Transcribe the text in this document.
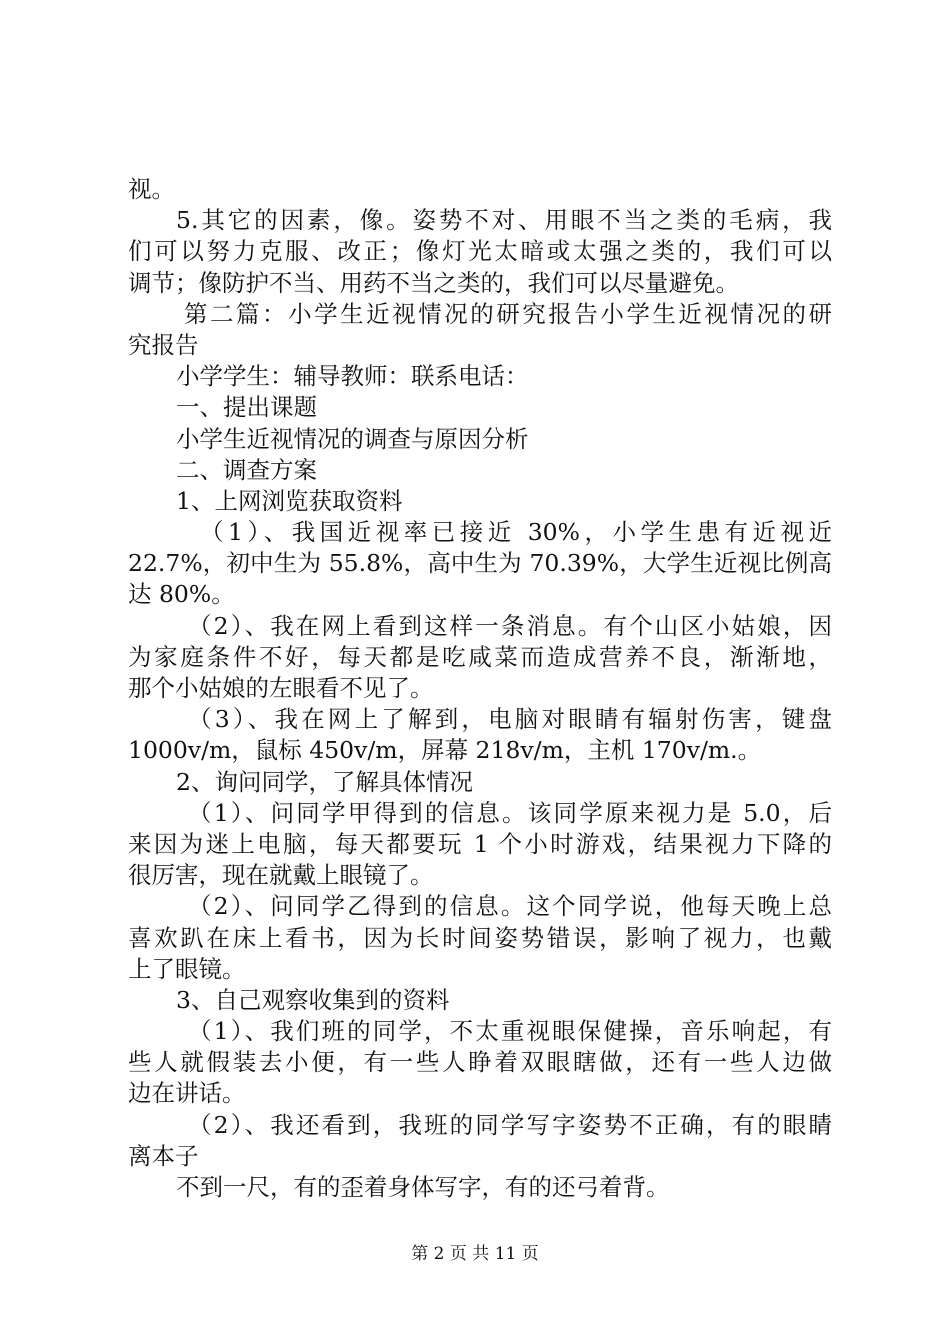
视。
5.其它的因素，像。姿势不对、用眼不当之类的毛病，我
们可以努力克服、改正；像灯光太暗或太强之类的，我们可以
调节；像防护不当、用药不当之类的，我们可以尽量避免。
第二篇：小学生近视情况的研究报告小学生近视情况的研
究报告
小学学生：辅导教师：联系电话：
一、提出课题
小学生近视情况的调查与原因分析
二、调查方案
1、上网浏览获取资料
（1）、我国近视率已接近 30%，小学生患有近视近
22.7%，初中生为 55.8%，高中生为 70.39%，大学生近视比例高
达 80%。
（2）、我在网上看到这样一条消息。有个山区小姑娘，因
为家庭条件不好，每天都是吃咸菜而造成营养不良，渐渐地，
那个小姑娘的左眼看不见了。
（3）、我在网上了解到，电脑对眼睛有辐射伤害，键盘
1000v/m，鼠标 450v/m，屏幕 218v/m，主机 170v/m.。
2、询问同学，了解具体情况
（1）、问同学甲得到的信息。该同学原来视力是 5.0，后
来因为迷上电脑，每天都要玩 1 个小时游戏，结果视力下降的
很厉害，现在就戴上眼镜了。
（2）、问同学乙得到的信息。这个同学说，他每天晚上总
喜欢趴在床上看书，因为长时间姿势错误，影响了视力，也戴
上了眼镜。
3、自己观察收集到的资料
（1）、我们班的同学，不太重视眼保健操，音乐响起，有
些人就假装去小便，有一些人睁着双眼瞎做，还有一些人边做
边在讲话。
（2）、我还看到，我班的同学写字姿势不正确，有的眼睛
离本子
不到一尺，有的歪着身体写字，有的还弓着背。
第 2 页 共 11 页
